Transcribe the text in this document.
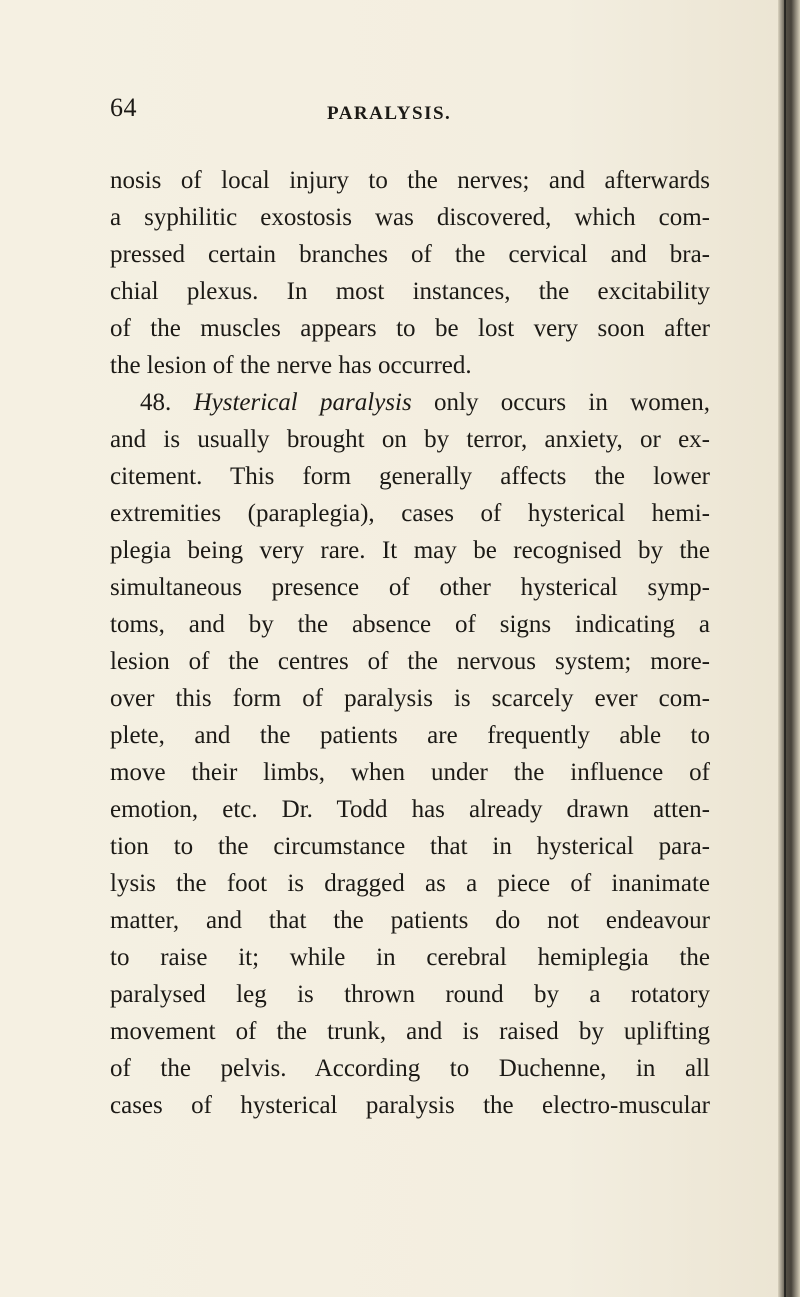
64	PARALYSIS.
nosis of local injury to the nerves; and afterwards
a syphilitic exostosis was discovered, which com-
pressed certain branches of the cervical and bra-
chial plexus. In most instances, the excitability
of the muscles appears to be lost very soon after
the lesion of the nerve has occurred.
48. Hysterical paralysis only occurs in women,
and is usually brought on by terror, anxiety, or ex-
citement. This form generally affects the lower
extremities (paraplegia), cases of hysterical hemi-
plegia being very rare. It may be recognised by the
simultaneous presence of other hysterical symp-
toms, and by the absence of signs indicating a
lesion of the centres of the nervous system; more-
over this form of paralysis is scarcely ever com-
plete, and the patients are frequently able to
move their limbs, when under the influence of
emotion, etc. Dr. Todd has already drawn atten-
tion to the circumstance that in hysterical para-
lysis the foot is dragged as a piece of inanimate
matter, and that the patients do not endeavour
to raise it; while in cerebral hemiplegia the
paralysed leg is thrown round by a rotatory
movement of the trunk, and is raised by uplifting
of the pelvis. According to Duchenne, in all
cases of hysterical paralysis the electro-muscular
